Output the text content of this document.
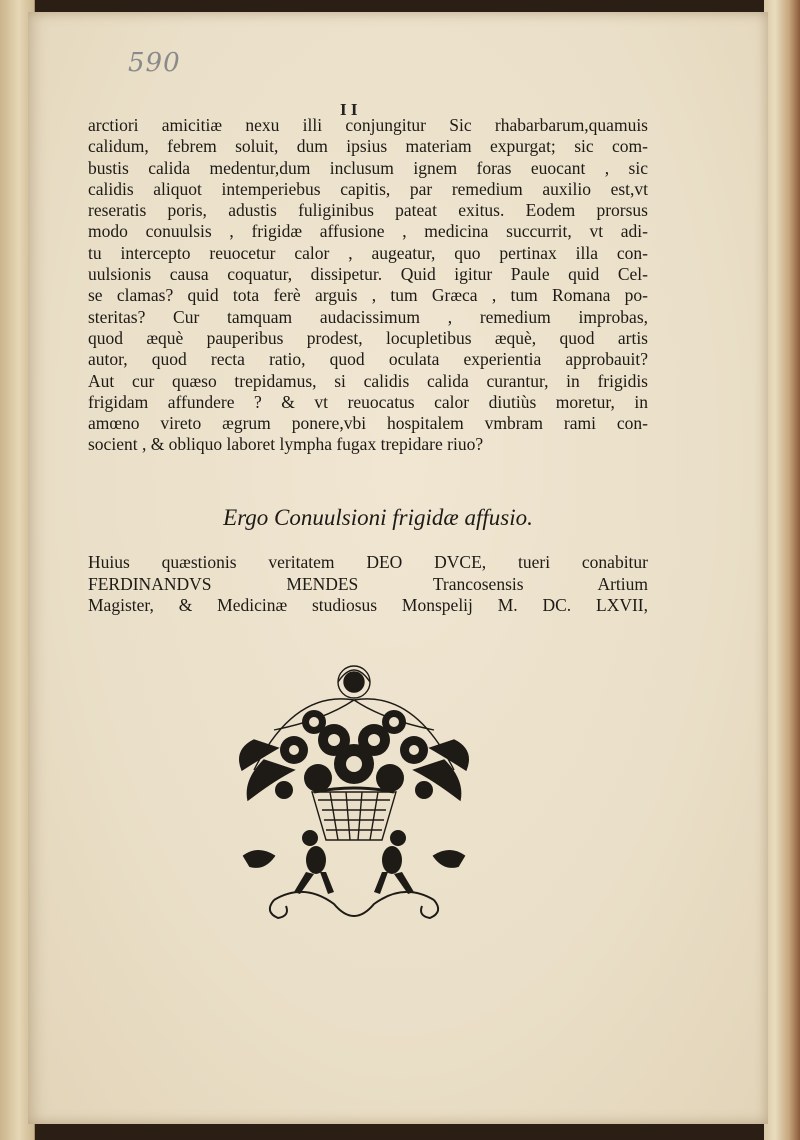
590
I I
arctiori amicitiæ nexu illi conjungitur Sic rhabarbarum,quamuis
calidum, febrem soluit, dum ipsius materiam expurgat; sic com-
bustis calida medentur,dum inclusum ignem foras euocant , sic
calidis aliquot intemperiebus capitis, par remedium auxilio est,vt
reseratis poris, adustis fuliginibus pateat exitus. Eodem prorsus
modo conuulsis , frigidæ affusione , medicina succurrit, vt adi-
tu intercepto reuocetur calor , augeatur, quo pertinax illa con-
uulsionis causa coquatur, dissipetur. Quid igitur Paule quid Cel-
se clamas? quid tota ferè arguis , tum Græca , tum Romana po-
steritas? Cur tamquam audacissimum , remedium improbas,
quod æquè pauperibus prodest, locupletibus æquè, quod artis
autor, quod recta ratio, quod oculata experientia approbauit?
Aut cur quæso trepidamus, si calidis calida curantur, in frigidis
frigidam affundere ? & vt reuocatus calor diutiùs moretur, in
amœno vireto ægrum ponere,vbi hospitalem vmbram rami con-
socient , & obliquo laboret lympha fugax trepidare riuo?
Ergo Conuulsioni frigidæ affusio.
Huius quæstionis veritatem DEO DVCE, tueri conabitur
FERDINANDVS MENDES Trancosensis Artium
Magister, & Medicinæ studiosus Monspelij M. DC. LXVII,
